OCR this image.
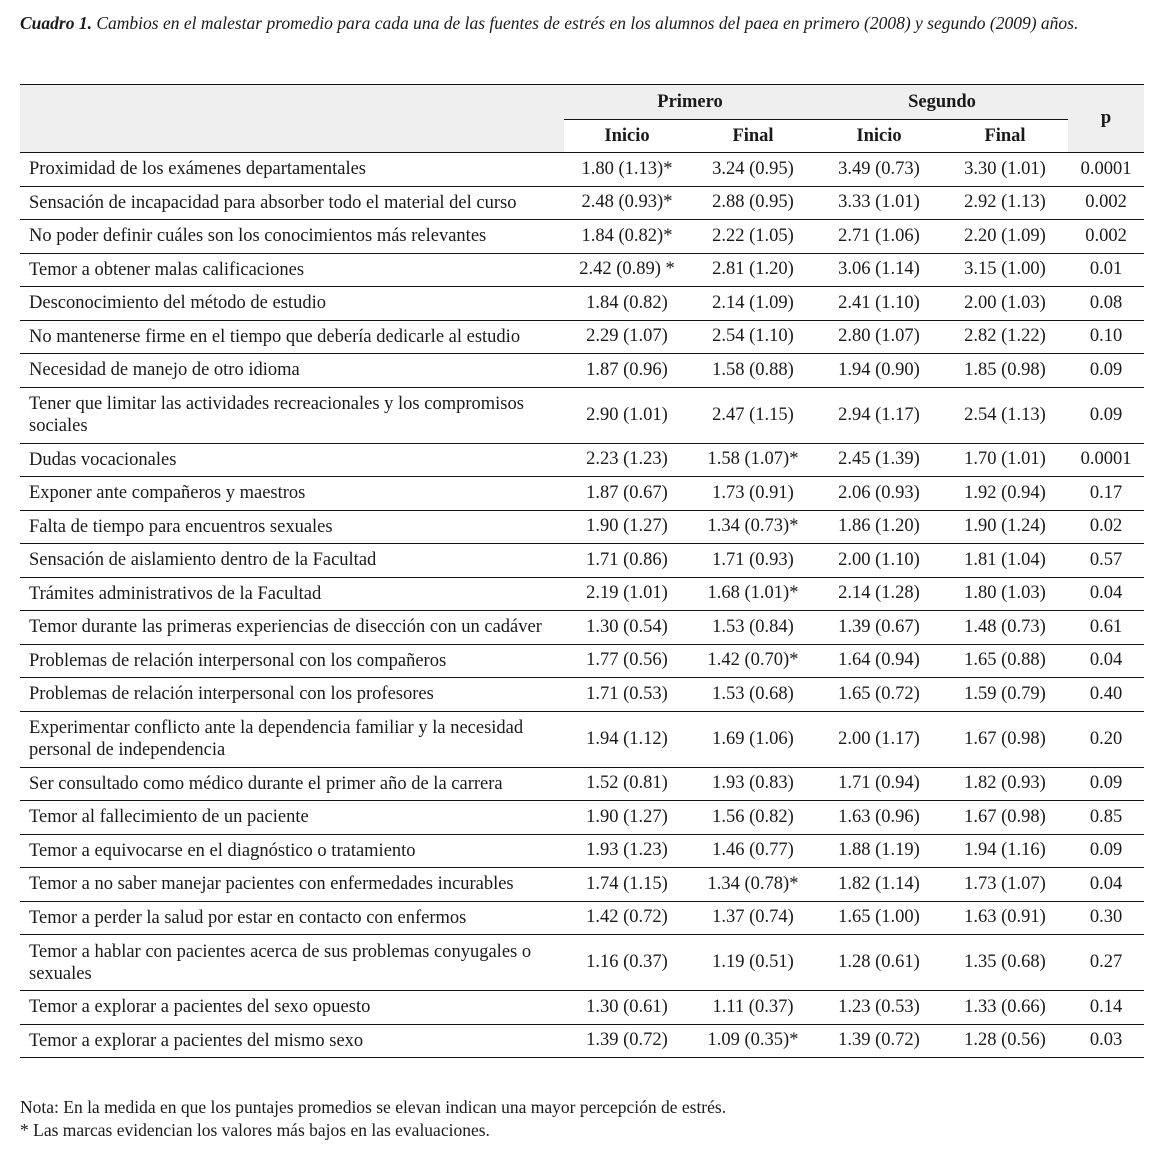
Cuadro 1. Cambios en el malestar promedio para cada una de las fuentes de estrés en los alumnos del paea en primero (2008) y segundo (2009) años.
	Primero		Segundo		p
	Inicio	Final	Inicio	Final	
Proximidad de los exámenes departamentales	1.80 (1.13)*	3.24 (0.95)	3.49 (0.73)	3.30 (1.01)	0.0001
Sensación de incapacidad para absorber todo el material del curso	2.48 (0.93)*	2.88 (0.95)	3.33 (1.01)	2.92 (1.13)	0.002
No poder definir cuáles son los conocimientos más relevantes	1.84 (0.82)*	2.22 (1.05)	2.71 (1.06)	2.20 (1.09)	0.002
Temor a obtener malas calificaciones	2.42 (0.89) *	2.81 (1.20)	3.06 (1.14)	3.15 (1.00)	0.01
Desconocimiento del método de estudio	1.84 (0.82)	2.14 (1.09)	2.41 (1.10)	2.00 (1.03)	0.08
No mantenerse firme en el tiempo que debería dedicarle al estudio	2.29 (1.07)	2.54 (1.10)	2.80 (1.07)	2.82 (1.22)	0.10
Necesidad de manejo de otro idioma	1.87 (0.96)	1.58 (0.88)	1.94 (0.90)	1.85 (0.98)	0.09
Tener que limitar las actividades recreacionales y los compromisos sociales	2.90 (1.01)	2.47 (1.15)	2.94 (1.17)	2.54 (1.13)	0.09
Dudas vocacionales	2.23 (1.23)	1.58 (1.07)*	2.45 (1.39)	1.70 (1.01)	0.0001
Exponer ante compañeros y maestros	1.87 (0.67)	1.73 (0.91)	2.06 (0.93)	1.92 (0.94)	0.17
Falta de tiempo para encuentros sexuales	1.90 (1.27)	1.34 (0.73)*	1.86 (1.20)	1.90 (1.24)	0.02
Sensación de aislamiento dentro de la Facultad	1.71 (0.86)	1.71 (0.93)	2.00 (1.10)	1.81 (1.04)	0.57
Trámites administrativos de la Facultad	2.19 (1.01)	1.68 (1.01)*	2.14 (1.28)	1.80 (1.03)	0.04
Temor durante las primeras experiencias de disección con un cadáver	1.30 (0.54)	1.53 (0.84)	1.39 (0.67)	1.48 (0.73)	0.61
Problemas de relación interpersonal con los compañeros	1.77 (0.56)	1.42 (0.70)*	1.64 (0.94)	1.65 (0.88)	0.04
Problemas de relación interpersonal con los profesores	1.71 (0.53)	1.53 (0.68)	1.65 (0.72)	1.59 (0.79)	0.40
Experimentar conflicto ante la dependencia familiar y la necesidad personal de independencia	1.94 (1.12)	1.69 (1.06)	2.00 (1.17)	1.67 (0.98)	0.20
Ser consultado como médico durante el primer año de la carrera	1.52 (0.81)	1.93 (0.83)	1.71 (0.94)	1.82 (0.93)	0.09
Temor al fallecimiento de un paciente	1.90 (1.27)	1.56 (0.82)	1.63 (0.96)	1.67 (0.98)	0.85
Temor a equivocarse en el diagnóstico o tratamiento	1.93 (1.23)	1.46 (0.77)	1.88 (1.19)	1.94 (1.16)	0.09
Temor a no saber manejar pacientes con enfermedades incurables	1.74 (1.15)	1.34 (0.78)*	1.82 (1.14)	1.73 (1.07)	0.04
Temor a perder la salud por estar en contacto con enfermos	1.42 (0.72)	1.37 (0.74)	1.65 (1.00)	1.63 (0.91)	0.30
Temor a hablar con pacientes acerca de sus problemas conyugales o sexuales	1.16 (0.37)	1.19 (0.51)	1.28 (0.61)	1.35 (0.68)	0.27
Temor a explorar a pacientes del sexo opuesto	1.30 (0.61)	1.11 (0.37)	1.23 (0.53)	1.33 (0.66)	0.14
Temor a explorar a pacientes del mismo sexo	1.39 (0.72)	1.09 (0.35)*	1.39 (0.72)	1.28 (0.56)	0.03
Nota: En la medida en que los puntajes promedios se elevan indican una mayor percepción de estrés.
* Las marcas evidencian los valores más bajos en las evaluaciones.
